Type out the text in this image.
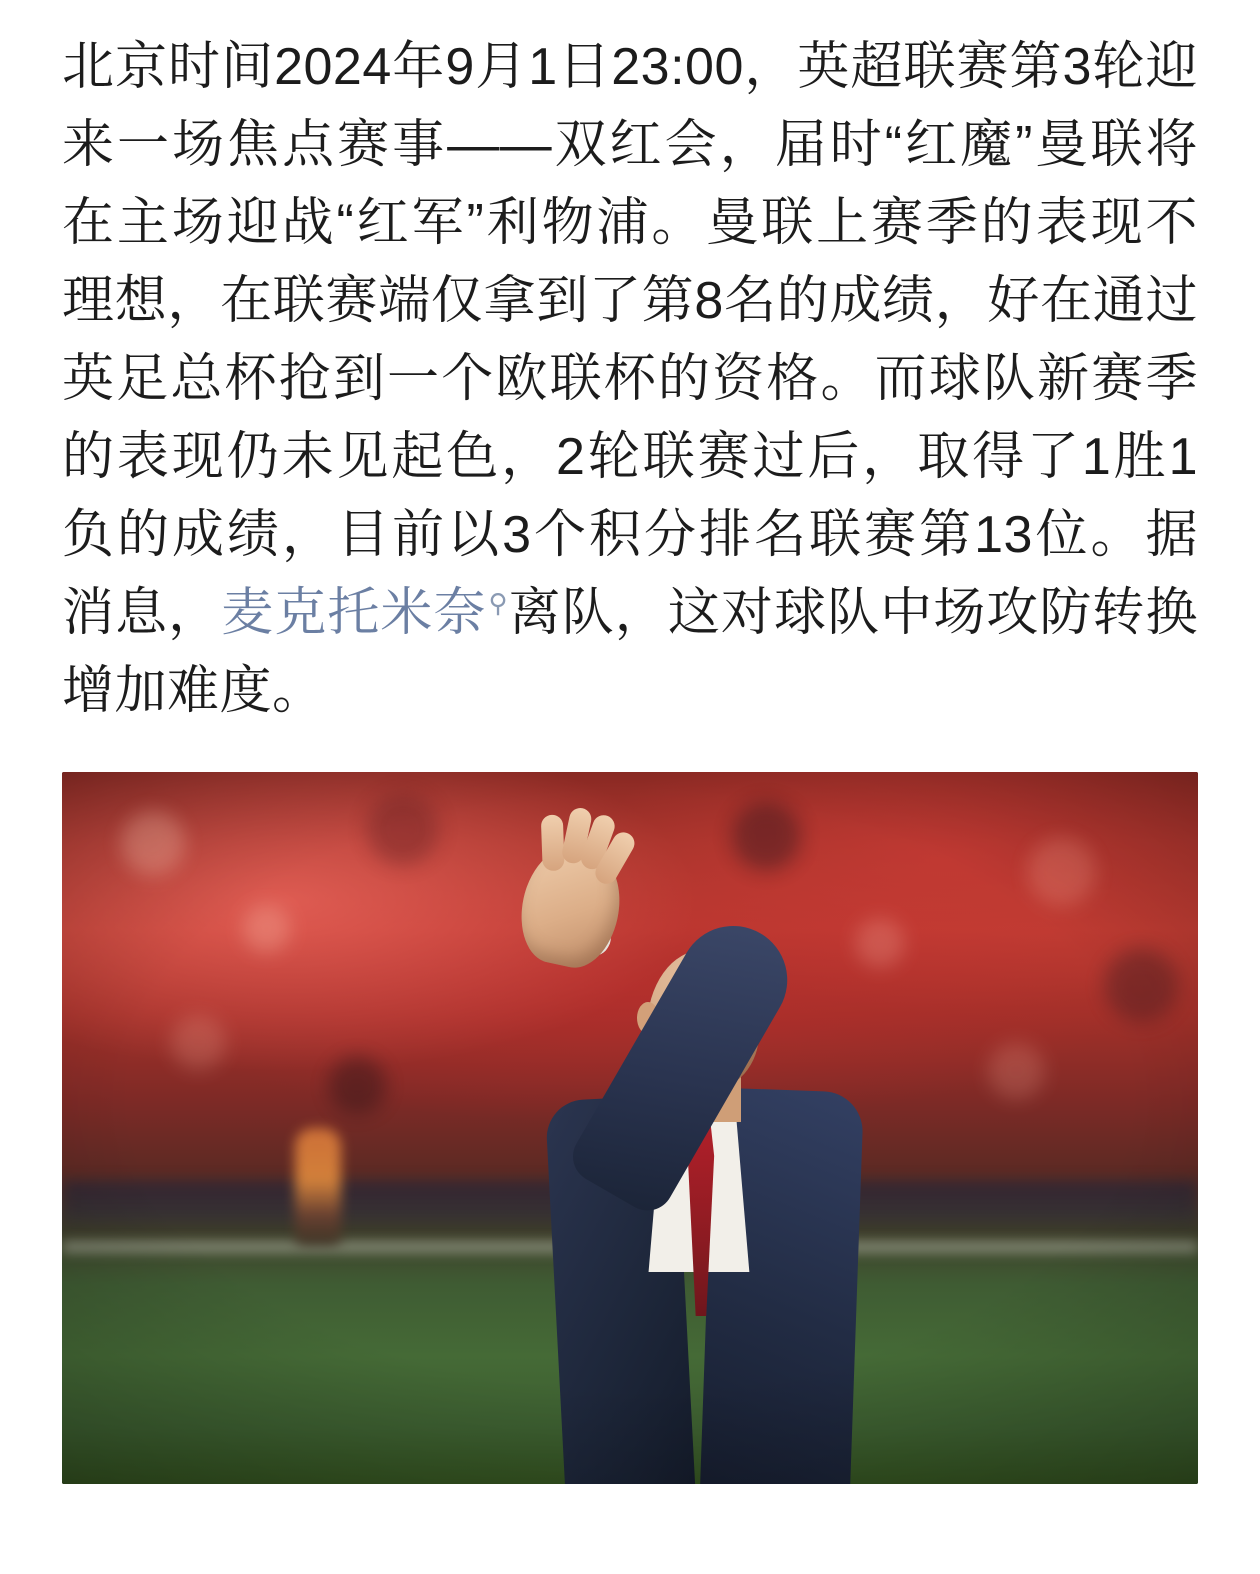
北京时间2024年9月1日23:00，英超联赛第3轮迎来一场焦点赛事——双红会，届时“红魔”曼联将在主场迎战“红军”利物浦。曼联上赛季的表现不理想，在联赛端仅拿到了第8名的成绩，好在通过英足总杯抢到一个欧联杯的资格。而球队新赛季的表现仍未见起色，2轮联赛过后，取得了1胜1负的成绩，目前以3个积分排名联赛第13位。据消息，麦克托米奈⚲离队，这对球队中场攻防转换增加难度。
